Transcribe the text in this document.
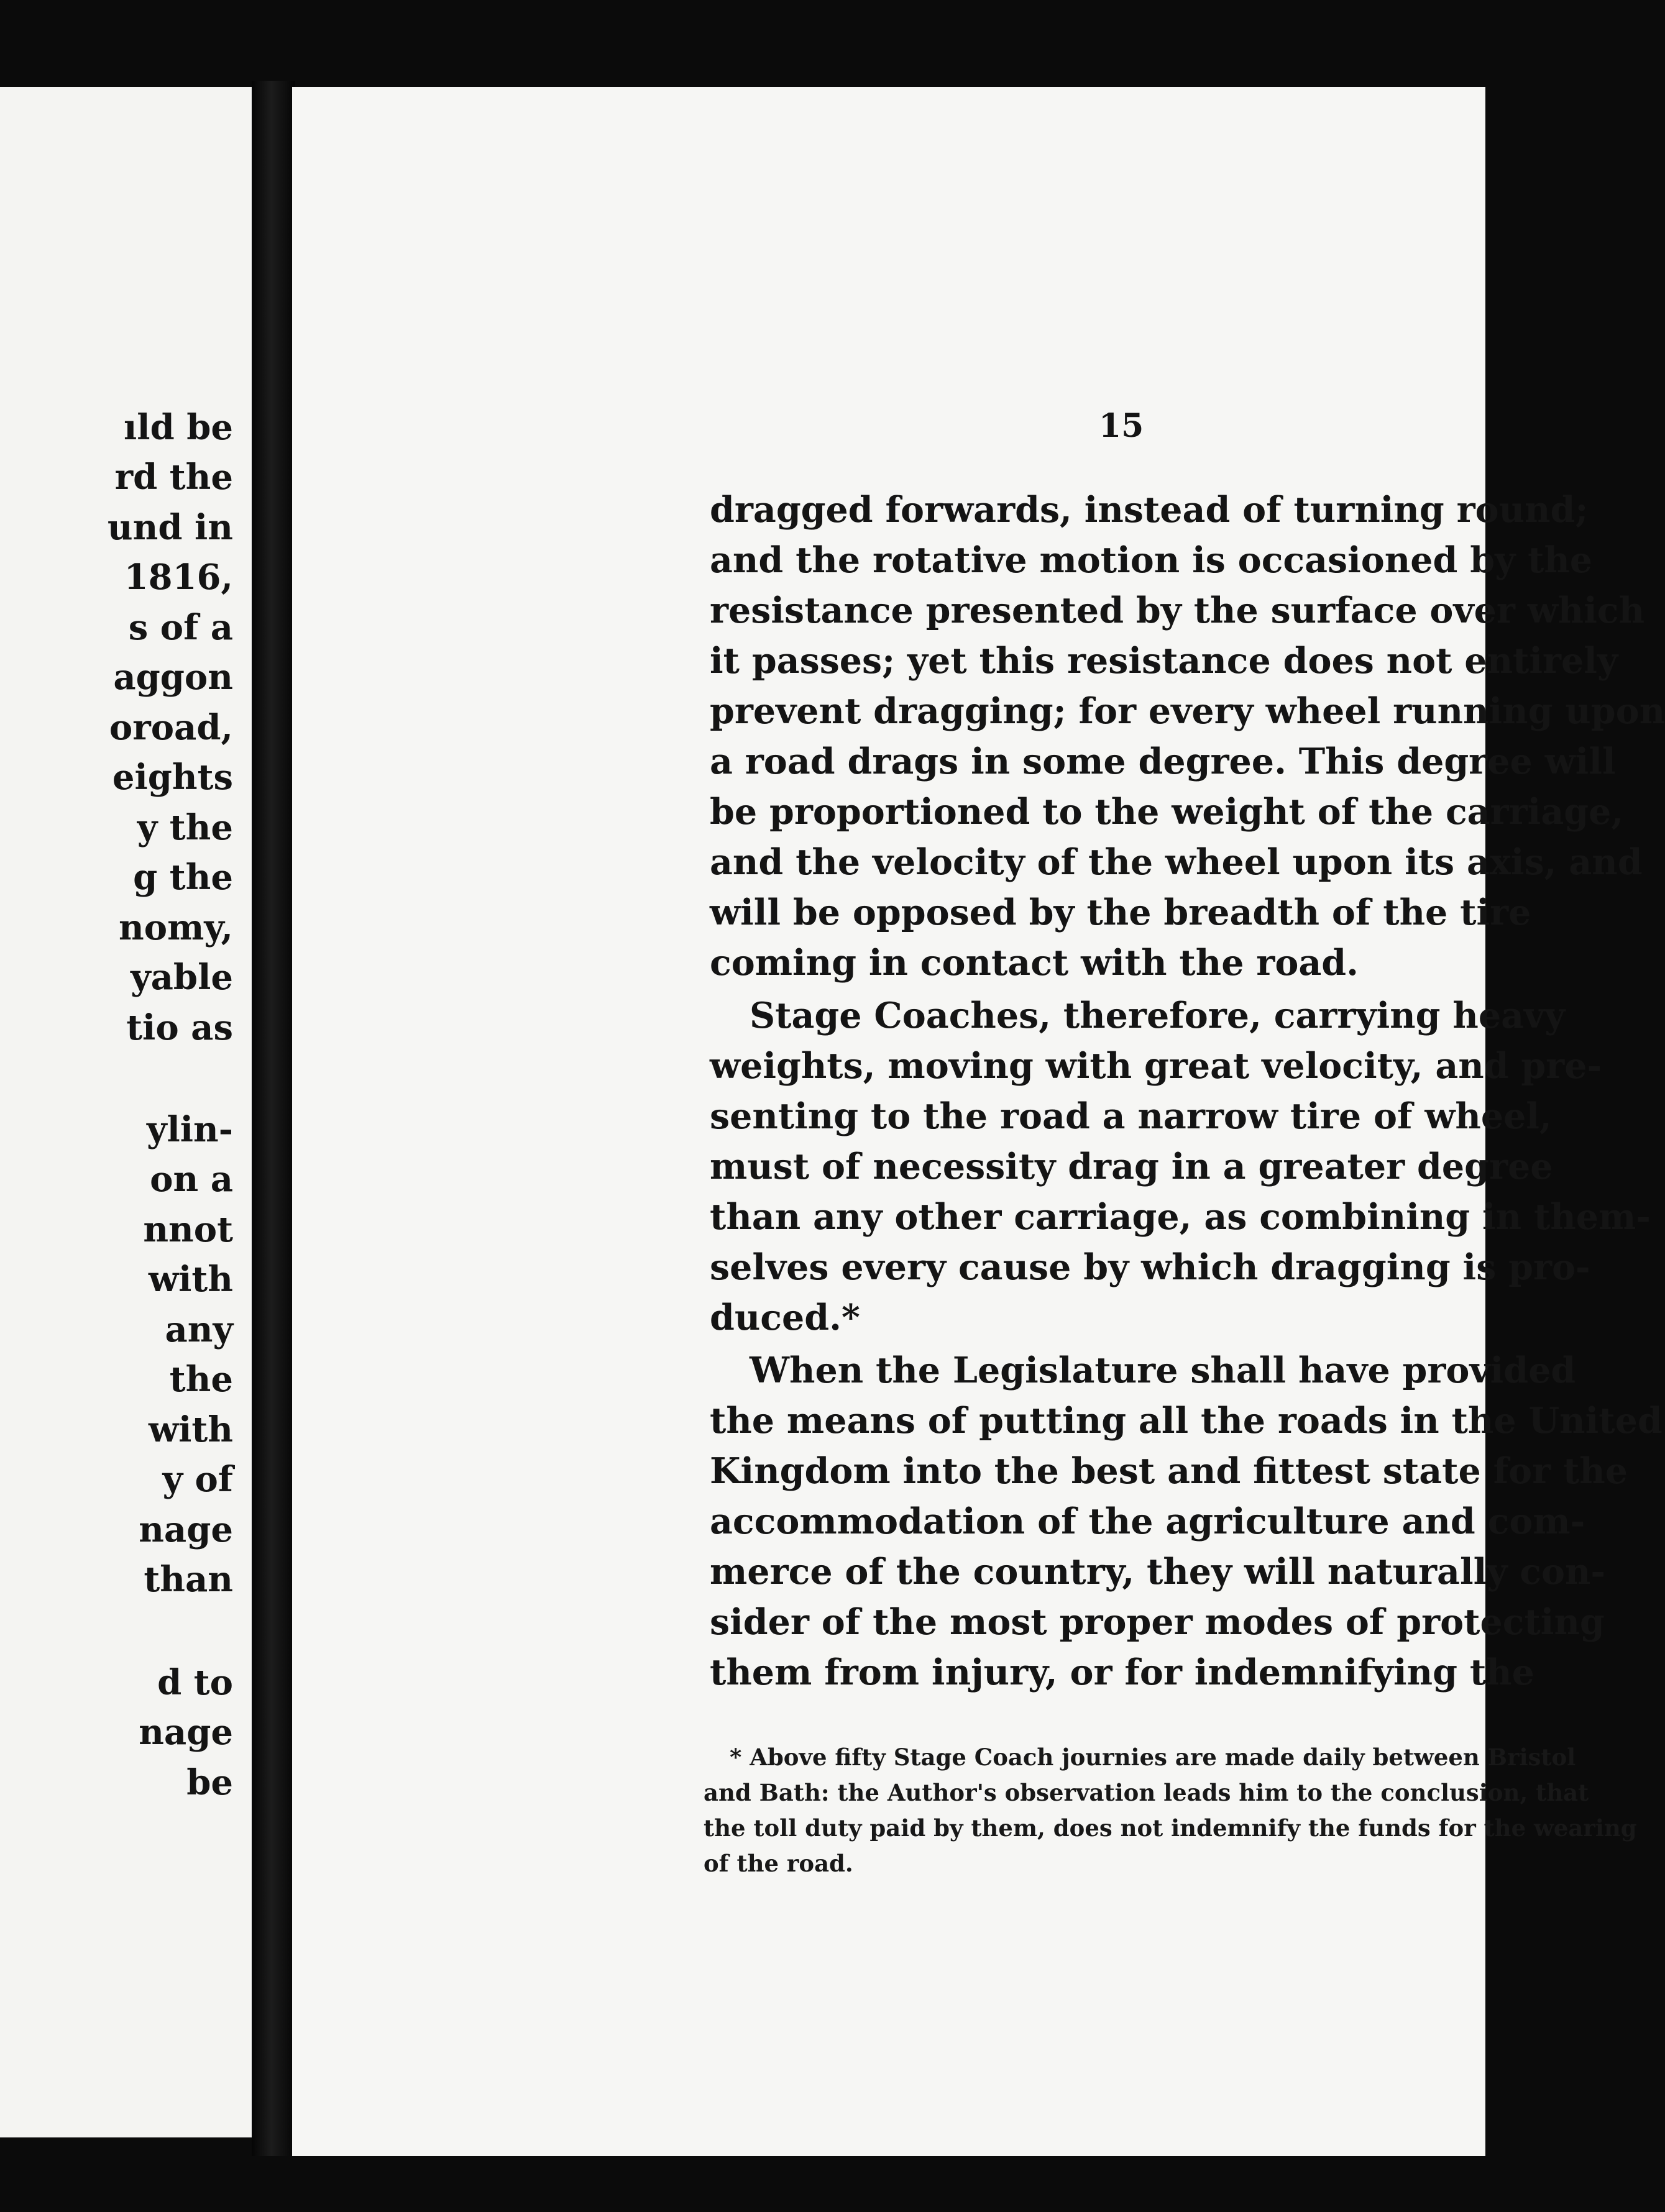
ıld be
rd the
und in
1816,
s of a
aggon
oroad,
eights
y the
g the
nomy,
yable
tio as
ylin-
on a
nnot
with
any
the
with
y of
nage
than
d to
nage
be
15
dragged forwards, instead of turning round;
and the rotative motion is occasioned by the
resistance presented by the surface over which
it passes; yet this resistance does not entirely
prevent dragging; for every wheel running upon
a road drags in some degree. This degree will
be proportioned to the weight of the carriage,
and the velocity of the wheel upon its axis, and
will be opposed by the breadth of the tire
coming in contact with the road.
Stage Coaches, therefore, carrying heavy
weights, moving with great velocity, and pre-
senting to the road a narrow tire of wheel,
must of necessity drag in a greater degree
than any other carriage, as combining in them-
selves every cause by which dragging is pro-
duced.*
When the Legislature shall have provided
the means of putting all the roads in the United
Kingdom into the best and fittest state for the
accommodation of the agriculture and com-
merce of the country, they will naturally con-
sider of the most proper modes of protecting
them from injury, or for indemnifying the
* Above fifty Stage Coach journies are made daily between Bristol
and Bath: the Author's observation leads him to the conclusion, that
the toll duty paid by them, does not indemnify the funds for the wearing
of the road.
